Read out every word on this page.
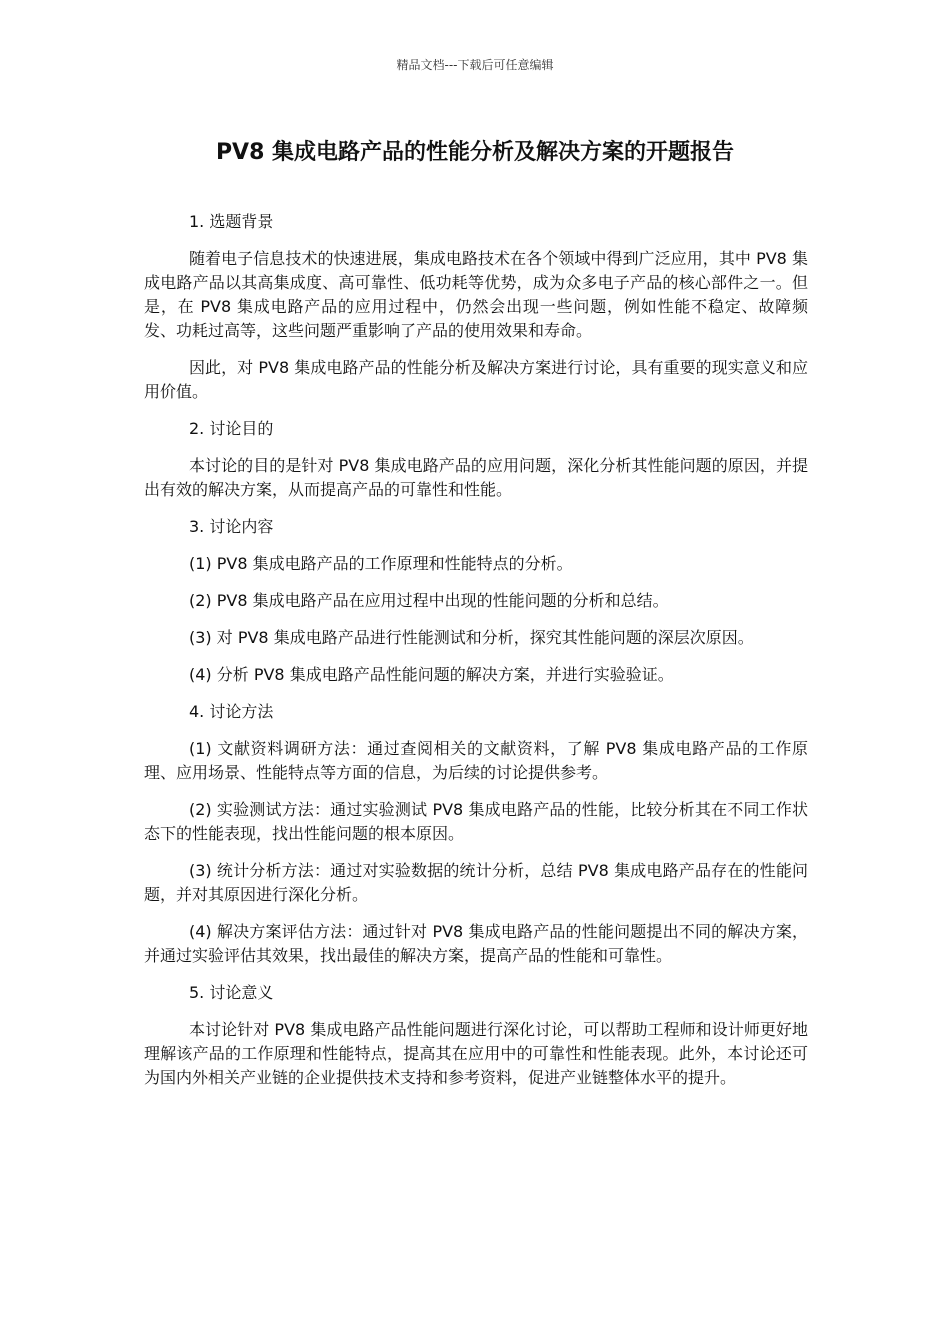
精品文档---下载后可任意编辑
PV8 集成电路产品的性能分析及解决方案的开题报告
1. 选题背景

随着电子信息技术的快速进展，集成电路技术在各个领域中得到广泛应用，其中 PV8 集成电路产品以其高集成度、高可靠性、低功耗等优势，成为众多电子产品的核心部件之一。但是，在 PV8 集成电路产品的应用过程中，仍然会出现一些问题，例如性能不稳定、故障频发、功耗过高等，这些问题严重影响了产品的使用效果和寿命。

因此，对 PV8 集成电路产品的性能分析及解决方案进行讨论，具有重要的现实意义和应用价值。

2. 讨论目的

本讨论的目的是针对 PV8 集成电路产品的应用问题，深化分析其性能问题的原因，并提出有效的解决方案，从而提高产品的可靠性和性能。

3. 讨论内容

(1) PV8 集成电路产品的工作原理和性能特点的分析。

(2) PV8 集成电路产品在应用过程中出现的性能问题的分析和总结。

(3) 对 PV8 集成电路产品进行性能测试和分析，探究其性能问题的深层次原因。

(4) 分析 PV8 集成电路产品性能问题的解决方案，并进行实验验证。

4. 讨论方法

(1) 文献资料调研方法：通过查阅相关的文献资料，了解 PV8 集成电路产品的工作原理、应用场景、性能特点等方面的信息，为后续的讨论提供参考。

(2) 实验测试方法：通过实验测试 PV8 集成电路产品的性能，比较分析其在不同工作状态下的性能表现，找出性能问题的根本原因。

(3) 统计分析方法：通过对实验数据的统计分析，总结 PV8 集成电路产品存在的性能问题，并对其原因进行深化分析。

(4) 解决方案评估方法：通过针对 PV8 集成电路产品的性能问题提出不同的解决方案，并通过实验评估其效果，找出最佳的解决方案，提高产品的性能和可靠性。

5. 讨论意义

本讨论针对 PV8 集成电路产品性能问题进行深化讨论，可以帮助工程师和设计师更好地理解该产品的工作原理和性能特点，提高其在应用中的可靠性和性能表现。此外，本讨论还可为国内外相关产业链的企业提供技术支持和参考资料，促进产业链整体水平的提升。
